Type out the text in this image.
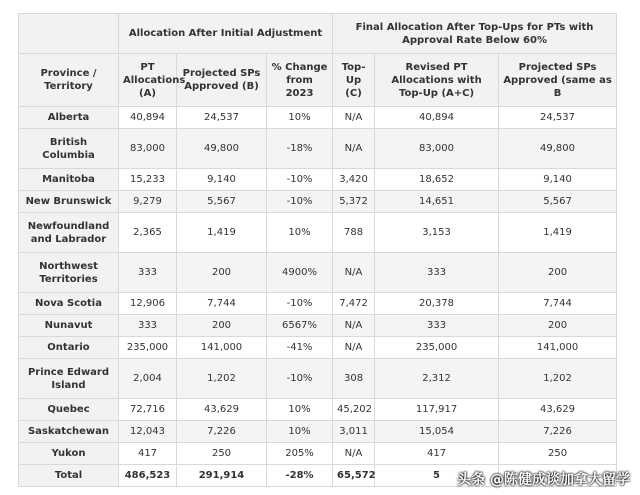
	Allocation After Initial Adjustment			Final Allocation After Top-Ups for PTs with Approval Rate Below 60%		
Province / Territory	PT Allocations (A)	Projected SPs Approved (B)	% Change from 2023	Top-Up (C)	Revised PT Allocations with Top-Up (A+C)	Projected SPs Approved (same as B
Alberta	40,894	24,537	10%	N/A	40,894	24,537
British Columbia	83,000	49,800	-18%	N/A	83,000	49,800
Manitoba	15,233	9,140	-10%	3,420	18,652	9,140
New Brunswick	9,279	5,567	-10%	5,372	14,651	5,567
Newfoundland and Labrador	2,365	1,419	10%	788	3,153	1,419
Northwest Territories	333	200	4900%	N/A	333	200
Nova Scotia	12,906	7,744	-10%	7,472	20,378	7,744
Nunavut	333	200	6567%	N/A	333	200
Ontario	235,000	141,000	-41%	N/A	235,000	141,000
Prince Edward Island	2,004	1,202	-10%	308	2,312	1,202
Quebec	72,716	43,629	10%	45,202	117,917	43,629
Saskatchewan	12,043	7,226	10%	3,011	15,054	7,226
Yukon	417	250	205%	N/A	417	250
Total	486,523	291,914	-28%	65,572	5	头条 @陈健成谈加拿大留学
